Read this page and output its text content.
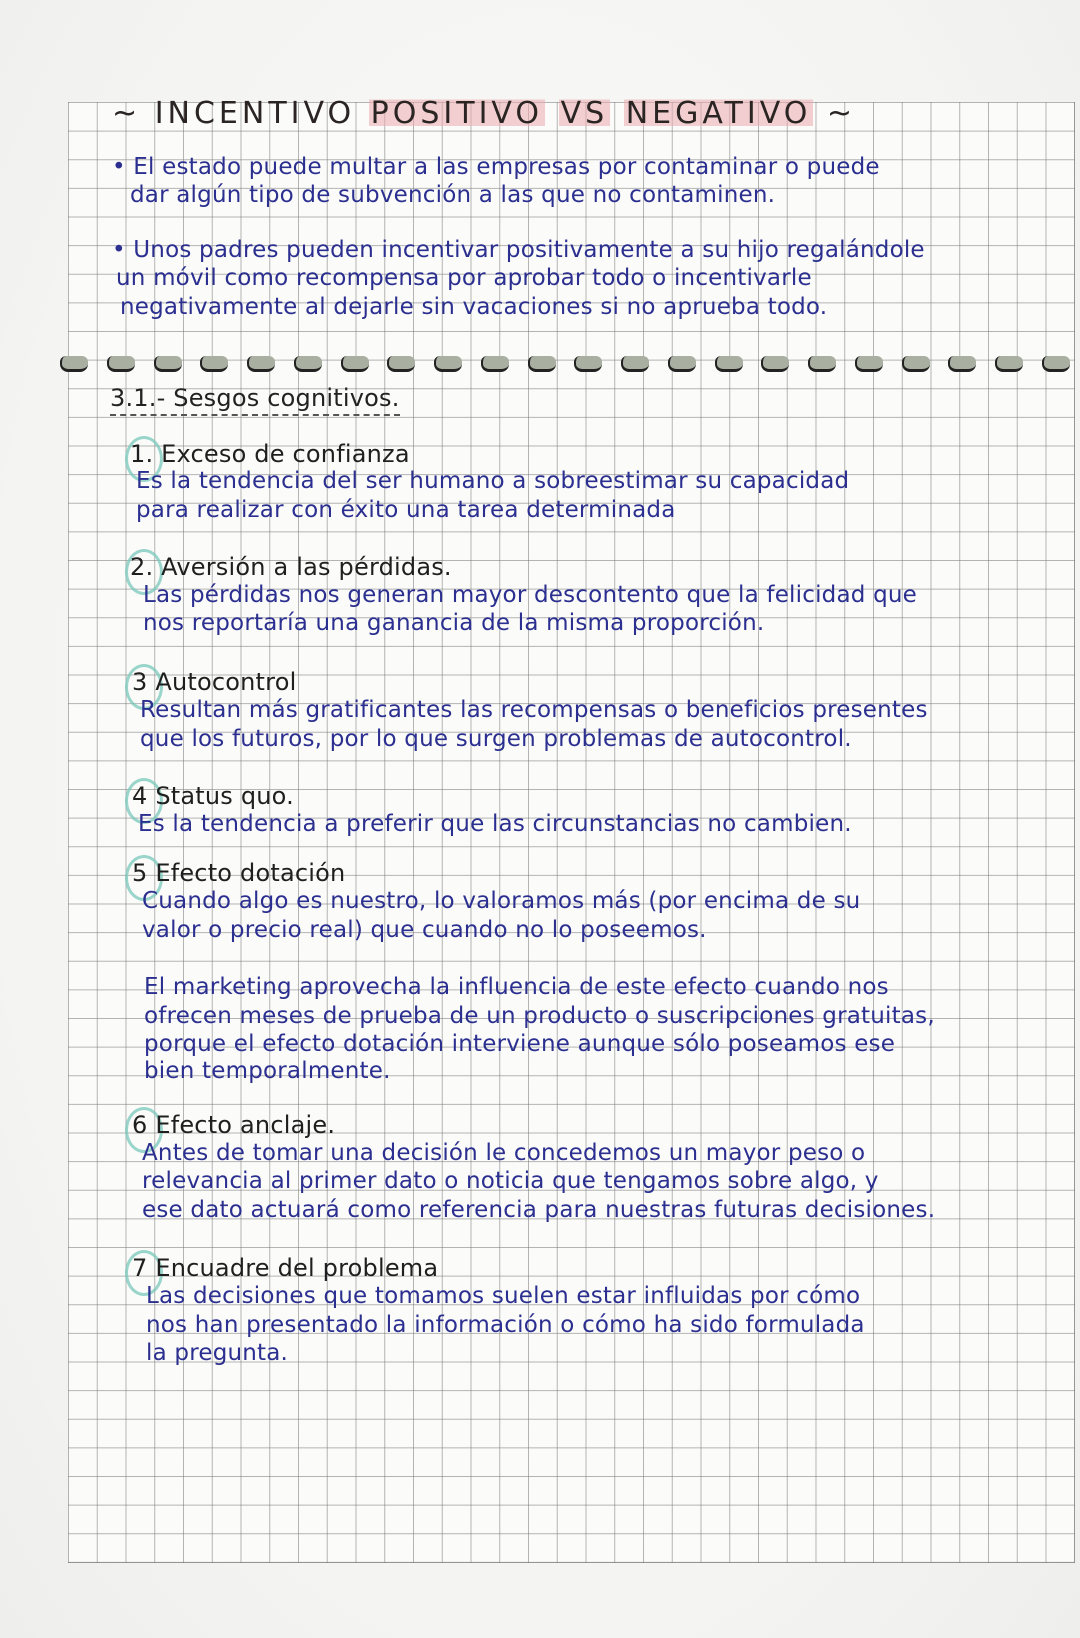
~ INCENTIVO POSITIVO VS NEGATIVO ~
• El estado puede multar a las empresas por contaminar o puede
dar algún tipo de subvención a las que no contaminen.
• Unos padres pueden incentivar positivamente a su hijo regalándole
un móvil como recompensa por aprobar todo o incentivarle
negativamente al dejarle sin vacaciones si no aprueba todo.
3.1.- Sesgos cognitivos.
1. Exceso de confianza
Es la tendencia del ser humano a sobreestimar su capacidad
para realizar con éxito una tarea determinada
2. Aversión a las pérdidas.
Las pérdidas nos generan mayor descontento que la felicidad que
nos reportaría una ganancia de la misma proporción.
3 Autocontrol
Resultan más gratificantes las recompensas o beneficios presentes
que los futuros, por lo que surgen problemas de autocontrol.
4 Status quo.
Es la tendencia a preferir que las circunstancias no cambien.
5 Efecto dotación
Cuando algo es nuestro, lo valoramos más (por encima de su
valor o precio real) que cuando no lo poseemos.
El marketing aprovecha la influencia de este efecto cuando nos
ofrecen meses de prueba de un producto o suscripciones gratuitas,
porque el efecto dotación interviene aunque sólo poseamos ese
bien temporalmente.
6 Efecto anclaje.
Antes de tomar una decisión le concedemos un mayor peso o
relevancia al primer dato o noticia que tengamos sobre algo, y
ese dato actuará como referencia para nuestras futuras decisiones.
7 Encuadre del problema
Las decisiones que tomamos suelen estar influidas por cómo
nos han presentado la información o cómo ha sido formulada
la pregunta.
